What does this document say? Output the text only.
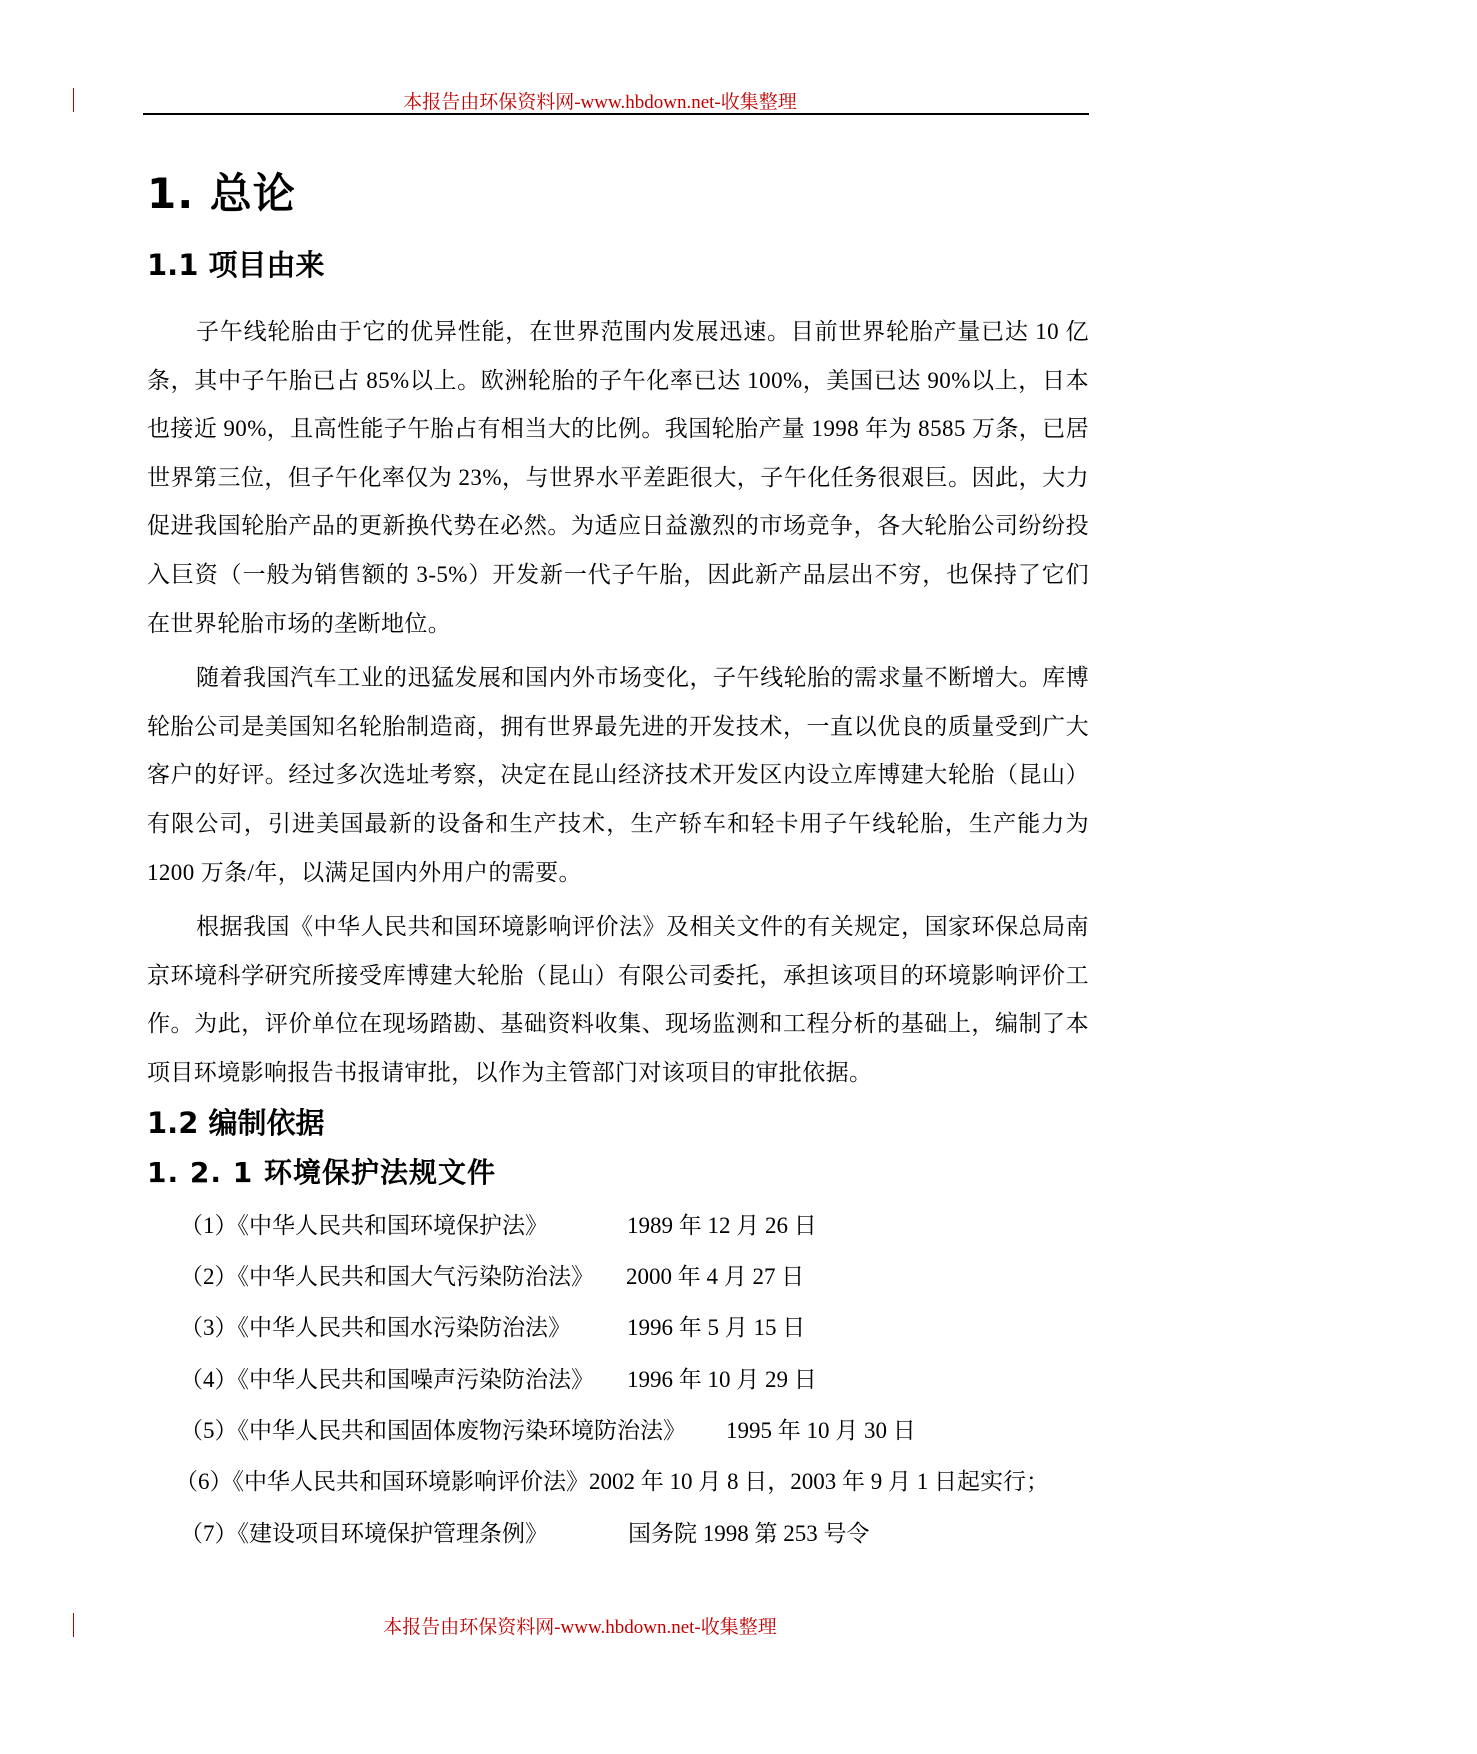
本报告由环保资料网-www.hbdown.net-收集整理
1. 总论
1.1 项目由来

子午线轮胎由于它的优异性能，在世界范围内发展迅速。目前世界轮胎产量已达 10 亿条，其中子午胎已占 85%以上。欧洲轮胎的子午化率已达 100%，美国已达 90%以上，日本也接近 90%，且高性能子午胎占有相当大的比例。我国轮胎产量 1998 年为 8585 万条，已居世界第三位，但子午化率仅为 23%，与世界水平差距很大，子午化任务很艰巨。因此，大力促进我国轮胎产品的更新换代势在必然。为适应日益激烈的市场竞争，各大轮胎公司纷纷投入巨资（一般为销售额的 3-5%）开发新一代子午胎，因此新产品层出不穷，也保持了它们在世界轮胎市场的垄断地位。

随着我国汽车工业的迅猛发展和国内外市场变化，子午线轮胎的需求量不断增大。库博轮胎公司是美国知名轮胎制造商，拥有世界最先进的开发技术，一直以优良的质量受到广大客户的好评。经过多次选址考察，决定在昆山经济技术开发区内设立库博建大轮胎（昆山）有限公司，引进美国最新的设备和生产技术，生产轿车和轻卡用子午线轮胎，生产能力为 1200 万条/年，以满足国内外用户的需要。

根据我国《中华人民共和国环境影响评价法》及相关文件的有关规定，国家环保总局南京环境科学研究所接受库博建大轮胎（昆山）有限公司委托，承担该项目的环境影响评价工作。为此，评价单位在现场踏勘、基础资料收集、现场监测和工程分析的基础上，编制了本项目环境影响报告书报请审批，以作为主管部门对该项目的审批依据。

1.2 编制依据
1. 2. 1 环境保护法规文件
（1）《中华人民共和国环境保护法》	1989 年 12 月 26 日
（2）《中华人民共和国大气污染防治法》 2000 年 4 月 27 日
（3）《中华人民共和国水污染防治法》 1996 年 5 月 15 日
（4）《中华人民共和国噪声污染防治法》 1996 年 10 月 29 日
（5）《中华人民共和国固体废物污染环境防治法》 1995 年 10 月 30 日
（6）《中华人民共和国环境影响评价法》2002 年 10 月 8 日，2003 年 9 月 1 日起实行；
（7）《建设项目环境保护管理条例》	国务院 1998 第 253 号令
本报告由环保资料网-www.hbdown.net-收集整理
